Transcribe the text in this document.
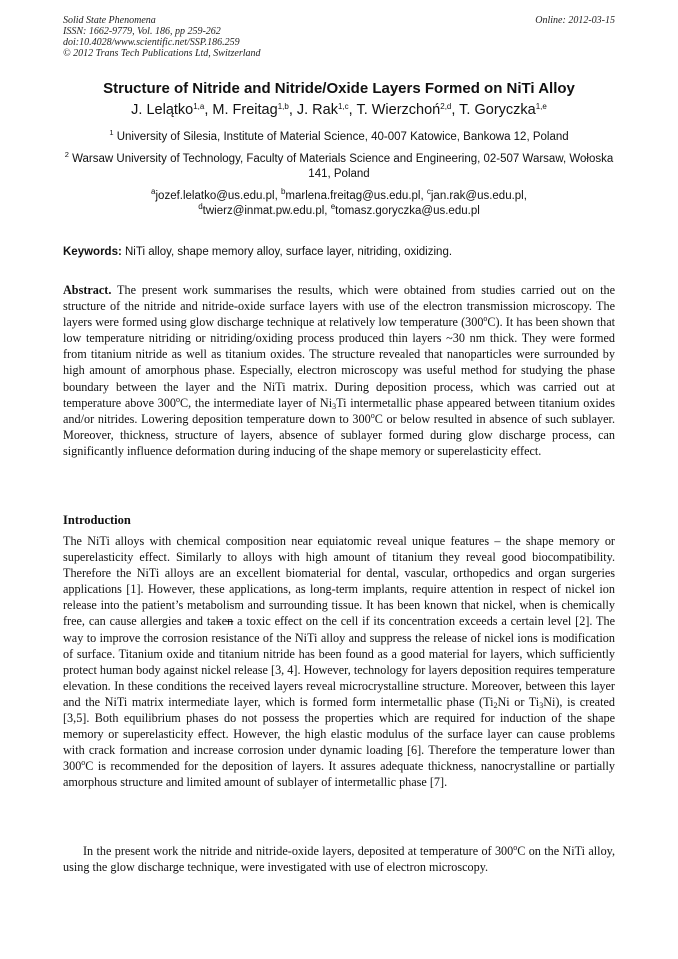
Solid State Phenomena
ISSN: 1662-9779, Vol. 186, pp 259-262
doi:10.4028/www.scientific.net/SSP.186.259
© 2012 Trans Tech Publications Ltd, Switzerland
Online: 2012-03-15
Structure of Nitride and Nitride/Oxide Layers Formed on NiTi Alloy
J. Lelątko$^{1,a}$, M. Freitag$^{1,b}$, J. Rak$^{1,c}$, T. Wierzchoń$^{2,d}$, T. Goryczka$^{1,e}$
$^1$ University of Silesia, Institute of Material Science, 40-007 Katowice, Bankowa 12, Poland
$^2$ Warsaw University of Technology, Faculty of Materials Science and Engineering, 02-507 Warsaw, Wołoska 141, Poland
$^a$jozef.lelatko@us.edu.pl, $^b$marlena.freitag@us.edu.pl, $^c$jan.rak@us.edu.pl,
$^d$twierz@inmat.pw.edu.pl, $^e$tomasz.goryczka@us.edu.pl
Keywords: NiTi alloy, shape memory alloy, surface layer, nitriding, oxidizing.

Abstract. The present work summarises the results, which were obtained from studies carried out on the structure of the nitride and nitride-oxide surface layers with use of the electron transmission microscopy. The layers were formed using glow discharge technique at relatively low temperature (300$^o$C). It has been shown that low temperature nitriding or nitriding/oxiding process produced thin layers ~30 nm thick. They were formed from titanium nitride as well as titanium oxides. The structure revealed that nanoparticles were surrounded by high amount of amorphous phase. Especially, electron microscopy was useful method for studying the phase boundary between the layer and the NiTi matrix. During deposition process, which was carried out at temperature above 300$^o$C, the intermediate layer of $Ni_3Ti$ intermetallic phase appeared between titanium oxides and/or nitrides. Lowering deposition temperature down to 300$^o$C or below resulted in absence of such sublayer. Moreover, thickness, structure of layers, absence of sublayer formed during glow discharge process, can significantly influence deformation during inducing of the shape memory or superelasticity effect.

Introduction

The NiTi alloys with chemical composition near equiatomic reveal unique features – the shape memory or superelasticity effect. Similarly to alloys with high amount of titanium they reveal good biocompatibility. Therefore the NiTi alloys are an excellent biomaterial for dental, vascular, orthopedics and organ surgeries applications [1]. However, these applications, as long-term implants, require attention in respect of nickel ion release into the patient’s metabolism and surrounding tissue. It has been known that nickel, when is chemically free, can cause allergies and taken a toxic effect on the cell if its concentration exceeds a certain level [2]. The way to improve the corrosion resistance of the NiTi alloy and suppress the release of nickel ions is modification of surface. Titanium oxide and titanium nitride has been found as a good material for layers, which sufficiently protect human body against nickel release [3, 4]. However, technology for layers deposition requires temperature elevation. In these conditions the received layers reveal microcrystalline structure. Moreover, between this layer and the NiTi matrix intermediate layer, which is formed form intermetallic phase ($Ti_2Ni$ or $Ti_3Ni$), is created [3,5]. Both equilibrium phases do not possess the properties which are required for induction of the shape memory or superelasticity effect. However, the high elastic modulus of the surface layer can cause problems with crack formation and increase corrosion under dynamic loading [6]. Therefore the temperature lower than 300$^o$C is recommended for the deposition of layers. It assures adequate thickness, nanocrystalline or partially amorphous structure and limited amount of sublayer of intermetallic phase [7].

In the present work the nitride and nitride-oxide layers, deposited at temperature of 300$^o$C on the NiTi alloy, using the glow discharge technique, were investigated with use of electron microscopy.
